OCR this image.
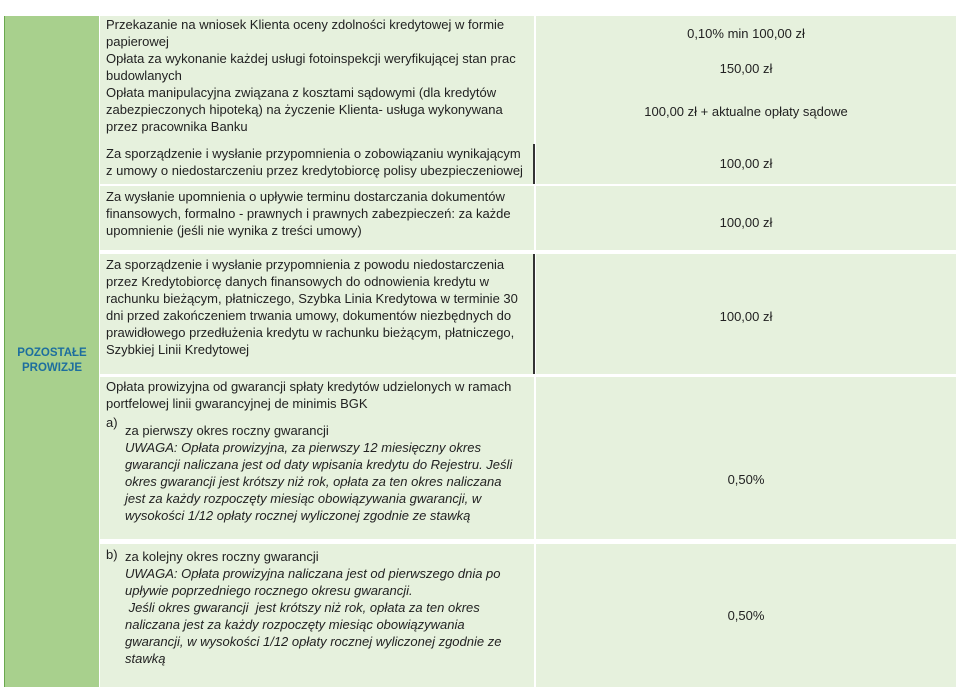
POZOSTAŁE
PROWIZJE
Przekazanie na wniosek Klienta oceny zdolności kredytowej w formie
papierowej
Opłata za wykonanie każdej usługi fotoinspekcji weryfikującej stan prac
budowlanych
Opłata manipulacyjna związana z kosztami sądowymi (dla kredytów
zabezpieczonych hipoteką) na życzenie Klienta- usługa wykonywana
przez pracownika Banku
0,10% min 100,00 zł
150,00 zł
100,00 zł + aktualne opłaty sądowe
Za sporządzenie i wysłanie przypomnienia o zobowiązaniu wynikającym
z umowy o niedostarczeniu przez kredytobiorcę polisy ubezpieczeniowej	100,00 zł
Za wysłanie upomnienia o upływie terminu dostarczania dokumentów
finansowych, formalno - prawnych i prawnych zabezpieczeń: za każde
upomnienie (jeśli nie wynika z treści umowy)
100,00 zł
Za sporządzenie i wysłanie przypomnienia z powodu niedostarczenia
przez Kredytobiorcę danych finansowych do odnowienia kredytu w
rachunku bieżącym, płatniczego, Szybka Linia Kredytowa w terminie 30
dni przed zakończeniem trwania umowy, dokumentów niezbędnych do
prawidłowego przedłużenia kredytu w rachunku bieżącym, płatniczego,
Szybkiej Linii Kredytowej
100,00 zł
Opłata prowizyjna od gwarancji spłaty kredytów udzielonych w ramach
portfelowej linii gwarancyjnej de minimis BGK
a)
za pierwszy okres roczny gwarancji
UWAGA: Opłata prowizyjna, za pierwszy 12 miesięczny okres
gwarancji naliczana jest od daty wpisania kredytu do Rejestru. Jeśli
okres gwarancji jest krótszy niż rok, opłata za ten okres naliczana
jest za każdy rozpoczęty miesiąc obowiązywania gwarancji, w
wysokości 1/12 opłaty rocznej wyliczonej zgodnie ze stawką
0,50%
b) za kolejny okres roczny gwarancji
UWAGA: Opłata prowizyjna naliczana jest od pierwszego dnia po
upływie poprzedniego rocznego okresu gwarancji.
Jeśli okres gwarancji  jest krótszy niż rok, opłata za ten okres
naliczana jest za każdy rozpoczęty miesiąc obowiązywania
gwarancji, w wysokości 1/12 opłaty rocznej wyliczonej zgodnie ze
stawką
0,50%
